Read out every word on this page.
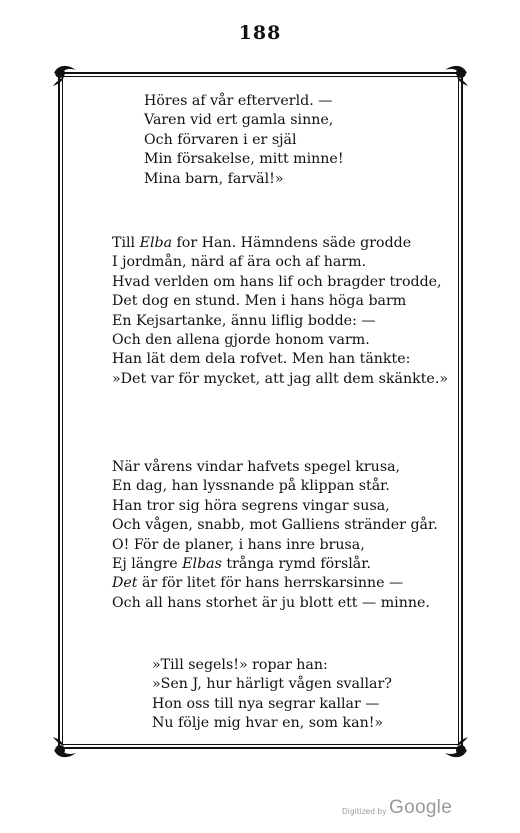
188
Höres af vår efterverld. —
Varen vid ert gamla sinne,
Och förvaren i er själ
Min försakelse, mitt minne!
Mina barn, farväl!»
Till Elba for Han. Hämndens säde grodde
I jordmån, närd af ära och af harm.
Hvad verlden om hans lif och bragder trodde,
Det dog en stund. Men i hans höga barm
En Kejsartanke, ännu liflig bodde: —
Och den allena gjorde honom varm.
Han lät dem dela rofvet. Men han tänkte:
»Det var för mycket, att jag allt dem skänkte.»
När vårens vindar hafvets spegel krusa,
En dag, han lyssnande på klippan står.
Han tror sig höra segrens vingar susa,
Och vågen, snabb, mot Galliens stränder går.
O! För de planer, i hans inre brusa,
Ej längre Elbas trånga rymd förslår.
Det är för litet för hans herrskarsinne —
Och all hans storhet är ju blott ett — minne.
»Till segels!» ropar han:
»Sen J, hur härligt vågen svallar?
Hon oss till nya segrar kallar —
Nu följe mig hvar en, som kan!»
Digitized by Google
